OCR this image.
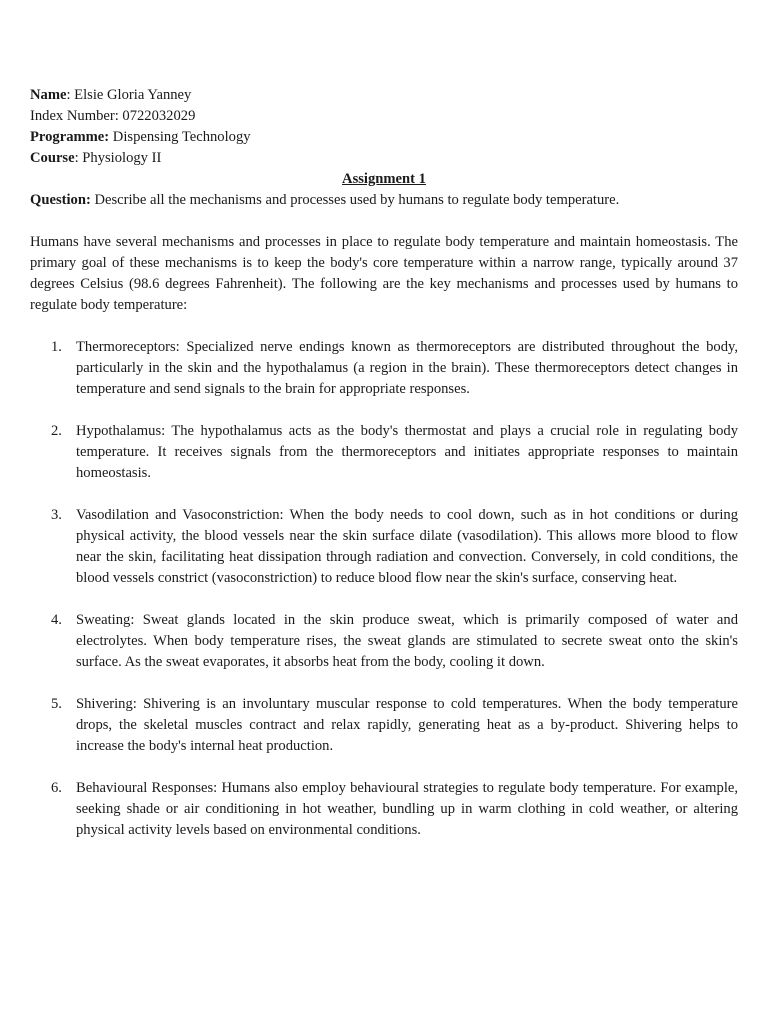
Name: Elsie Gloria Yanney
Index Number: 0722032029
Programme: Dispensing Technology
Course: Physiology II
Assignment 1
Question: Describe all the mechanisms and processes used by humans to regulate body temperature.
Humans have several mechanisms and processes in place to regulate body temperature and maintain homeostasis. The primary goal of these mechanisms is to keep the body's core temperature within a narrow range, typically around 37 degrees Celsius (98.6 degrees Fahrenheit). The following are the key mechanisms and processes used by humans to regulate body temperature:
1. Thermoreceptors: Specialized nerve endings known as thermoreceptors are distributed throughout the body, particularly in the skin and the hypothalamus (a region in the brain). These thermoreceptors detect changes in temperature and send signals to the brain for appropriate responses.
2. Hypothalamus: The hypothalamus acts as the body's thermostat and plays a crucial role in regulating body temperature. It receives signals from the thermoreceptors and initiates appropriate responses to maintain homeostasis.
3. Vasodilation and Vasoconstriction: When the body needs to cool down, such as in hot conditions or during physical activity, the blood vessels near the skin surface dilate (vasodilation). This allows more blood to flow near the skin, facilitating heat dissipation through radiation and convection. Conversely, in cold conditions, the blood vessels constrict (vasoconstriction) to reduce blood flow near the skin's surface, conserving heat.
4. Sweating: Sweat glands located in the skin produce sweat, which is primarily composed of water and electrolytes. When body temperature rises, the sweat glands are stimulated to secrete sweat onto the skin's surface. As the sweat evaporates, it absorbs heat from the body, cooling it down.
5. Shivering: Shivering is an involuntary muscular response to cold temperatures. When the body temperature drops, the skeletal muscles contract and relax rapidly, generating heat as a by-product. Shivering helps to increase the body's internal heat production.
6. Behavioural Responses: Humans also employ behavioural strategies to regulate body temperature. For example, seeking shade or air conditioning in hot weather, bundling up in warm clothing in cold weather, or altering physical activity levels based on environmental conditions.
